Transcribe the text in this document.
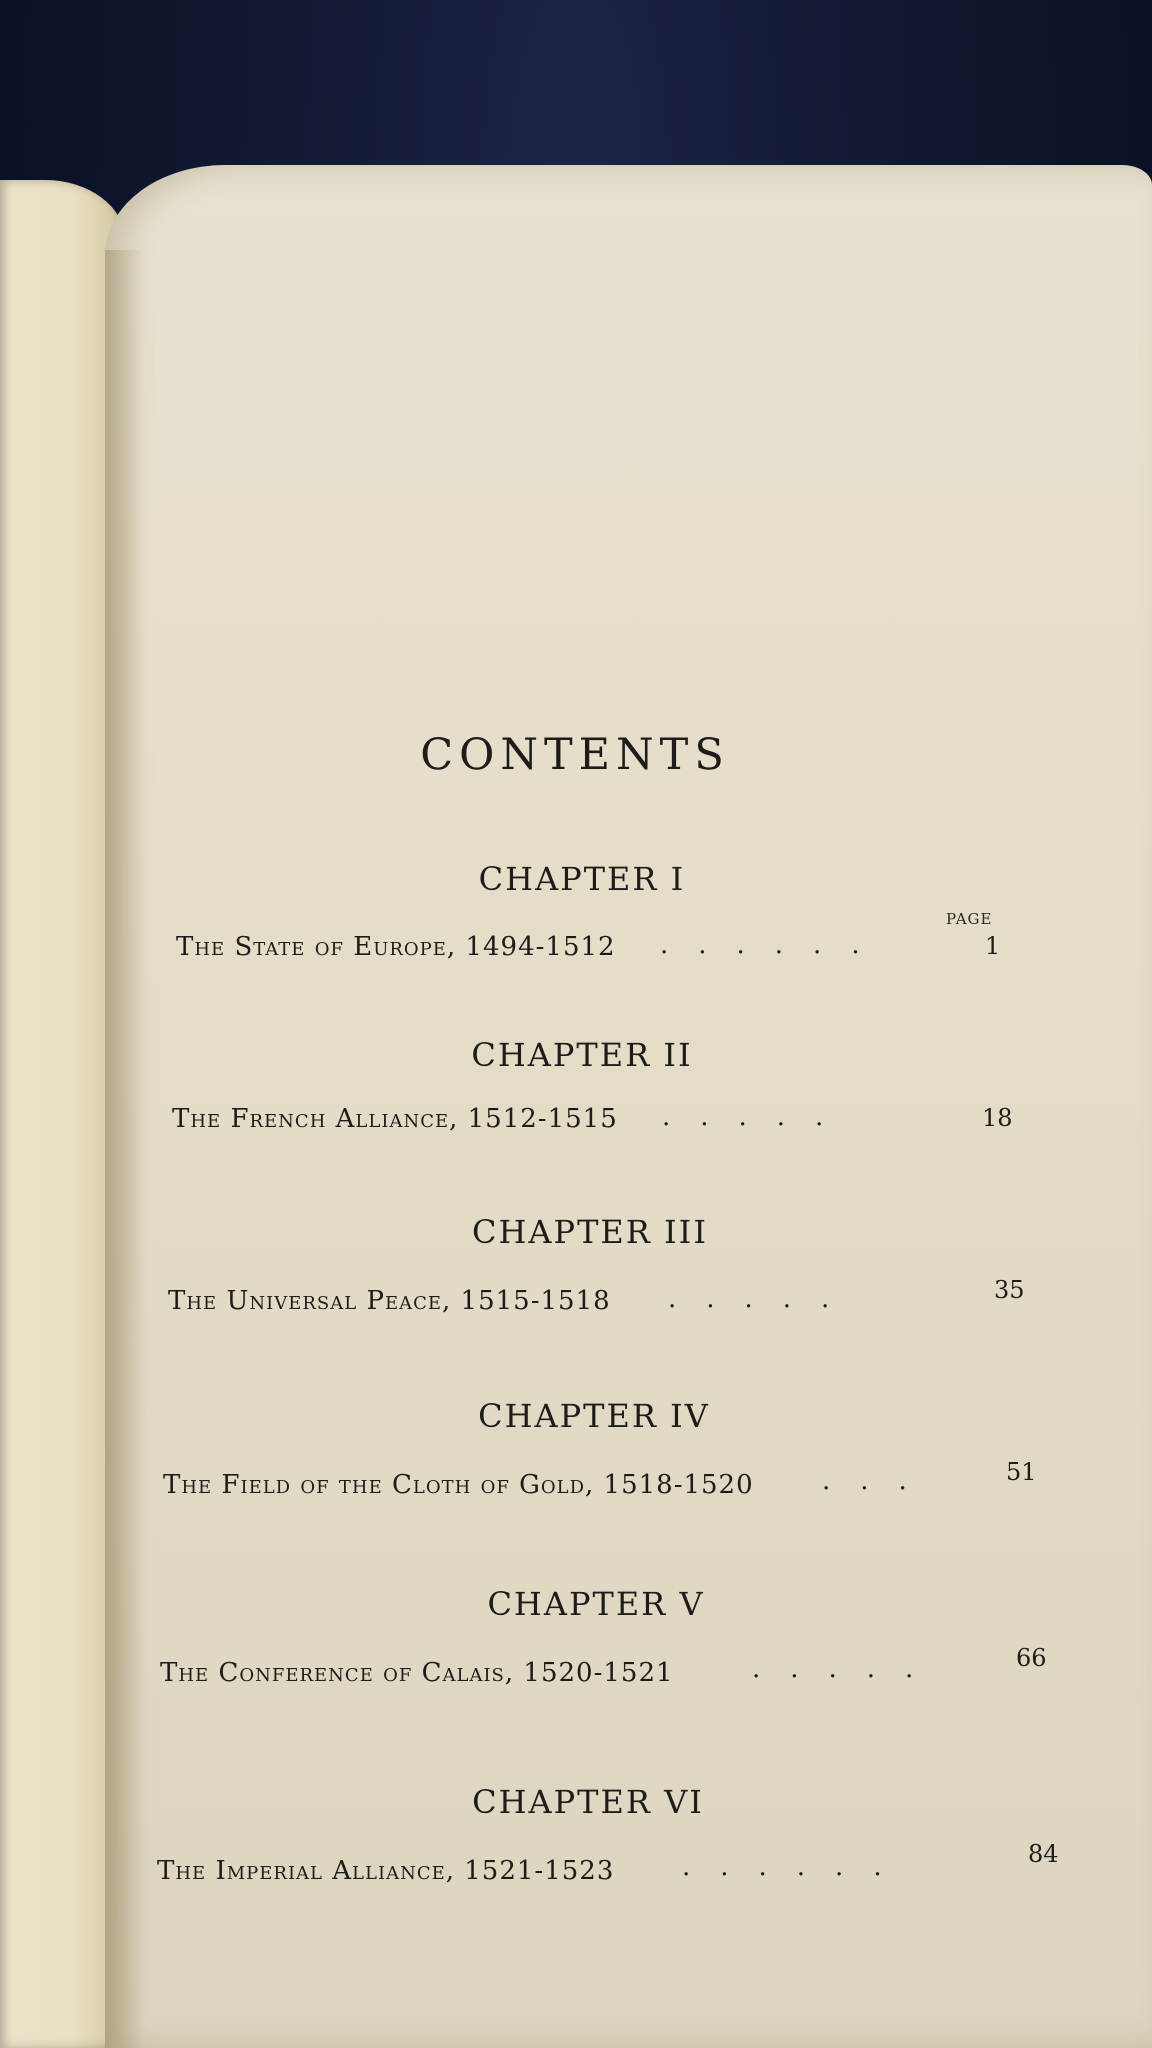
CONTENTS
PAGE
CHAPTER I
The State of Europe, 1494-1512 ......	1
CHAPTER II
The French Alliance, 1512-1515 .....	18
CHAPTER III
The Universal Peace, 1515-1518 .....	35
CHAPTER IV
The Field of the Cloth of Gold, 1518-1520	...	51
CHAPTER V
The Conference of Calais, 1520-1521	.....	66
CHAPTER VI
The Imperial Alliance, 1521-1523	......	84
